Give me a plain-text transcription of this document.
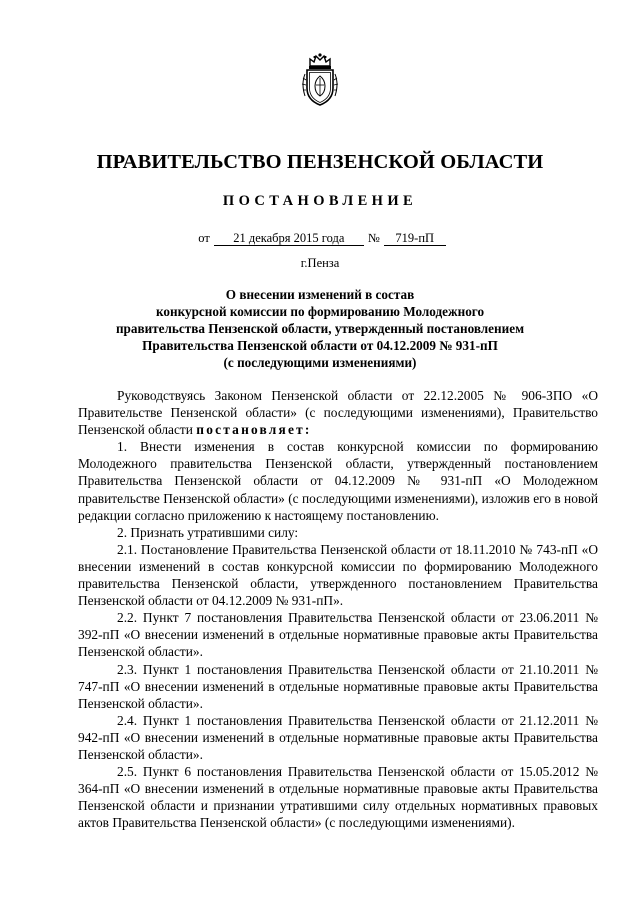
ПРАВИТЕЛЬСТВО ПЕНЗЕНСКОЙ ОБЛАСТИ
ПОСТАНОВЛЕНИЕ
от 21 декабря 2015 года № 719-пП
г.Пенза
О внесении изменений в состав
конкурсной комиссии по формированию Молодежного
правительства Пензенской области, утвержденный постановлением
Правительства Пензенской области от 04.12.2009 № 931-пП
(с последующими изменениями)

Руководствуясь Законом Пензенской области от 22.12.2005 № 906-ЗПО «О Правительстве Пензенской области» (с последующими изменениями), Правительство Пензенской области постановляет:

1. Внести изменения в состав конкурсной комиссии по формированию Молодежного правительства Пензенской области, утвержденный постановлением Правительства Пензенской области от 04.12.2009 № 931-пП «О Молодежном правительстве Пензенской области» (с последующими изменениями), изложив его в новой редакции согласно приложению к настоящему постановлению.

2. Признать утратившими силу:

2.1. Постановление Правительства Пензенской области от 18.11.2010 № 743-пП «О внесении изменений в состав конкурсной комиссии по формированию Молодежного правительства Пензенской области, утвержденного постановлением Правительства Пензенской области от 04.12.2009 № 931-пП».

2.2. Пункт 7 постановления Правительства Пензенской области от 23.06.2011 № 392-пП «О внесении изменений в отдельные нормативные правовые акты Правительства Пензенской области».

2.3. Пункт 1 постановления Правительства Пензенской области от 21.10.2011 № 747-пП «О внесении изменений в отдельные нормативные правовые акты Правительства Пензенской области».

2.4. Пункт 1 постановления Правительства Пензенской области от 21.12.2011 № 942-пП «О внесении изменений в отдельные нормативные правовые акты Правительства Пензенской области».

2.5. Пункт 6 постановления Правительства Пензенской области от 15.05.2012 № 364-пП «О внесении изменений в отдельные нормативные правовые акты Правительства Пензенской области и признании утратившими силу отдельных нормативных правовых актов Правительства Пензенской области» (с последующими изменениями).
